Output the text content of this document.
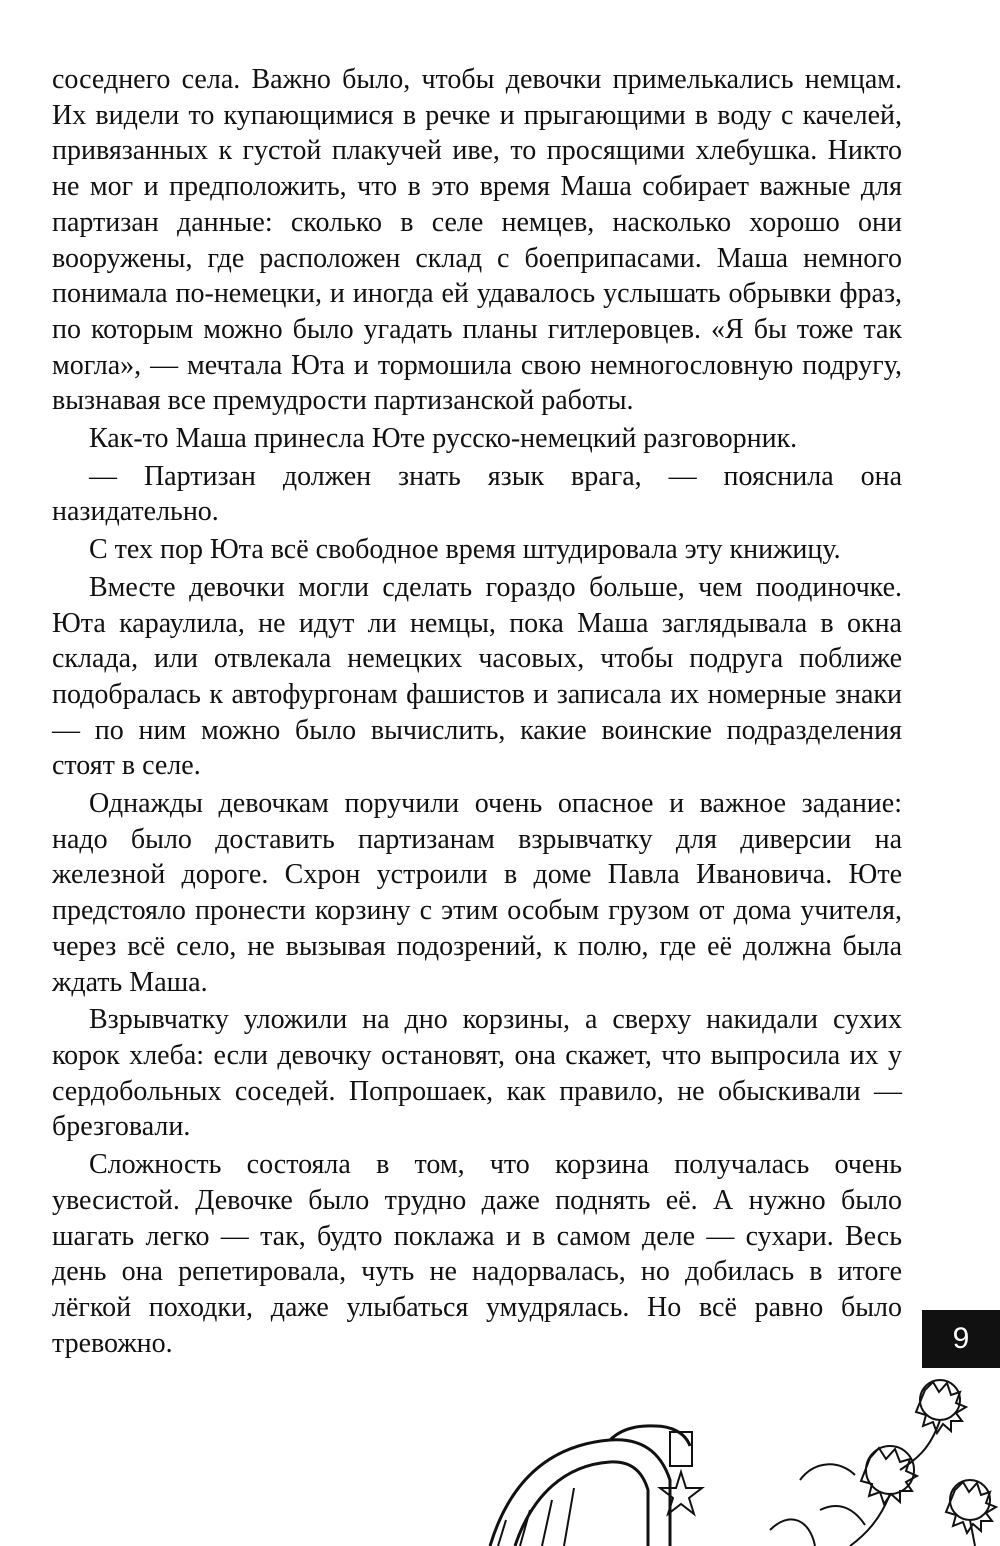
соседнего села. Важно было, чтобы девочки примелькались немцам. Их видели то купающимися в речке и прыгающими в воду с качелей, привязанных к густой плакучей иве, то просящими хлебушка. Никто не мог и предположить, что в это время Маша собирает важные для партизан данные: сколько в селе немцев, насколько хорошо они вооружены, где расположен склад с боеприпасами. Маша немного понимала по-немецки, и иногда ей удавалось услышать обрывки фраз, по которым можно было угадать планы гитлеровцев. «Я бы тоже так могла», — мечтала Юта и тормошила свою немногословную подругу, вызнавая все премудрости партизанской работы.

Как-то Маша принесла Юте русско-немецкий разговорник.

— Партизан должен знать язык врага, — пояснила она назидательно.

С тех пор Юта всё свободное время штудировала эту книжицу.

Вместе девочки могли сделать гораздо больше, чем поодиночке. Юта караулила, не идут ли немцы, пока Маша заглядывала в окна склада, или отвлекала немецких часовых, чтобы подруга поближе подобралась к автофургонам фашистов и записала их номерные знаки — по ним можно было вычислить, какие воинские подразделения стоят в селе.

Однажды девочкам поручили очень опасное и важное задание: надо было доставить партизанам взрывчатку для диверсии на железной дороге. Схрон устроили в доме Павла Ивановича. Юте предстояло пронести корзину с этим особым грузом от дома учителя, через всё село, не вызывая подозрений, к полю, где её должна была ждать Маша.

Взрывчатку уложили на дно корзины, а сверху накидали сухих корок хлеба: если девочку остановят, она скажет, что выпросила их у сердобольных соседей. Попрошаек, как правило, не обыскивали — брезговали.

Сложность состояла в том, что корзина получалась очень увесистой. Девочке было трудно даже поднять её. А нужно было шагать легко — так, будто поклажа и в самом деле — сухари. Весь день она репетировала, чуть не надорвалась, но добилась в итоге лёгкой походки, даже улыбаться умудрялась. Но всё равно было тревожно.	9
